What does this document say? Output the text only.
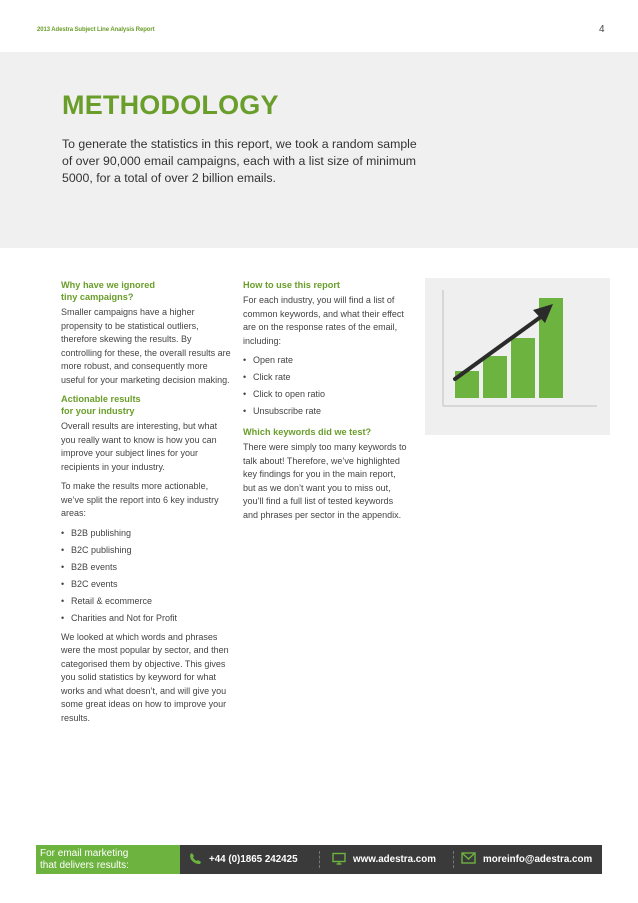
2013 Adestra Subject Line Analysis Report	4
METHODOLOGY
To generate the statistics in this report, we took a random sample of over 90,000 email campaigns, each with a list size of minimum 5000, for a total of over 2 billion emails.
Why have we ignored
tiny campaigns?
Smaller campaigns have a higher propensity to be statistical outliers, therefore skewing the results. By controlling for these, the overall results are more robust, and consequently more useful for your marketing decision making.
Actionable results
for your industry
Overall results are interesting, but what you really want to know is how you can improve your subject lines for your recipients in your industry.
To make the results more actionable, we’ve split the report into 6 key industry areas:
• B2B publishing
• B2C publishing
• B2B events
• B2C events
• Retail & ecommerce
• Charities and Not for Profit
We looked at which words and phrases were the most popular by sector, and then categorised them by objective. This gives you solid statistics by keyword for what works and what doesn’t, and will give you some great ideas on how to improve your results.
How to use this report
For each industry, you will find a list of common keywords, and what their effect are on the response rates of the email, including:
• Open rate
• Click rate
• Click to open ratio
• Unsubscribe rate
Which keywords did we test?
There were simply too many keywords to talk about! Therefore, we’ve highlighted key findings for you in the main report, but as we don’t want you to miss out, you’ll find a full list of tested keywords and phrases per sector in the appendix.
For email marketing
that delivers results:
+44 (0)1865 242425	www.adestra.com	moreinfo@adestra.com
